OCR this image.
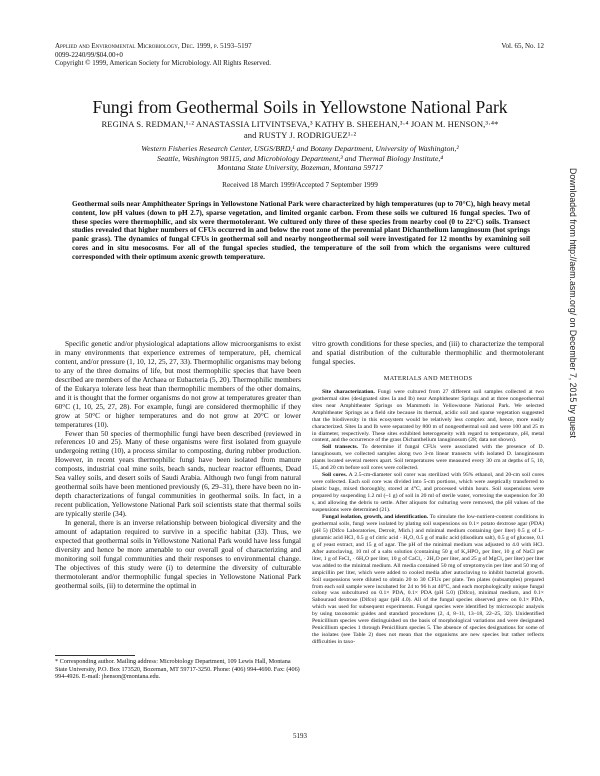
Applied and Environmental Microbiology, Dec. 1999, p. 5193–5197
0099-2240/99/$04.00+0
Copyright © 1999, American Society for Microbiology. All Rights Reserved.
Vol. 65, No. 12
Fungi from Geothermal Soils in Yellowstone National Park
REGINA S. REDMAN,¹·² ANASTASSIA LITVINTSEVA,³ KATHY B. SHEEHAN,³·⁴ JOAN M. HENSON,³·⁴*
and RUSTY J. RODRIGUEZ¹·²
Western Fisheries Research Center, USGS/BRD,¹ and Botany Department, University of Washington,²
Seattle, Washington 98115, and Microbiology Department,³ and Thermal Biology Institute,⁴
Montana State University, Bozeman, Montana 59717
Received 18 March 1999/Accepted 7 September 1999
Geothermal soils near Amphitheater Springs in Yellowstone National Park were characterized by high temperatures (up to 70°C), high heavy metal content, low pH values (down to pH 2.7), sparse vegetation, and limited organic carbon. From these soils we cultured 16 fungal species. Two of these species were thermophilic, and six were thermotolerant. We cultured only three of these species from nearby cool (0 to 22°C) soils. Transect studies revealed that higher numbers of CFUs occurred in and below the root zone of the perennial plant Dichanthelium lanuginosum (hot springs panic grass). The dynamics of fungal CFUs in geothermal soil and nearby nongeothermal soil were investigated for 12 months by examining soil cores and in situ mesocosms. For all of the fungal species studied, the temperature of the soil from which the organisms were cultured corresponded with their optimum axenic growth temperature.

Specific genetic and/or physiological adaptations allow microorganisms to exist in many environments that experience extremes of temperature, pH, chemical content, and/or pressure (1, 10, 12, 25, 27, 33). Thermophilic organisms may belong to any of the three domains of life, but most thermophilic species that have been described are members of the Archaea or Eubacteria (5, 20). Thermophilic members of the Eukarya tolerate less heat than thermophilic members of the other domains, and it is thought that the former organisms do not grow at temperatures greater than 60°C (1, 10, 25, 27, 28). For example, fungi are considered thermophilic if they grow at 50°C or higher temperatures and do not grow at 20°C or lower temperatures (10).

Fewer than 50 species of thermophilic fungi have been described (reviewed in references 10 and 25). Many of these organisms were first isolated from guayule undergoing retting (10), a process similar to composting, during rubber production. However, in recent years thermophilic fungi have been isolated from manure composts, industrial coal mine soils, beach sands, nuclear reactor effluents, Dead Sea valley soils, and desert soils of Saudi Arabia. Although two fungi from natural geothermal soils have been mentioned previously (6, 29–31), there have been no in-depth characterizations of fungal communities in geothermal soils. In fact, in a recent publication, Yellowstone National Park soil scientists state that thermal soils are typically sterile (34).

In general, there is an inverse relationship between biological diversity and the amount of adaptation required to survive in a specific habitat (33). Thus, we expected that geothermal soils in Yellowstone National Park would have less fungal diversity and hence be more amenable to our overall goal of characterizing and monitoring soil fungal communities and their responses to environmental change. The objectives of this study were (i) to determine the diversity of culturable thermotolerant and/or thermophilic fungal species in Yellowstone National Park geothermal soils, (ii) to determine the optimal in

vitro growth conditions for these species, and (iii) to characterize the temporal and spatial distribution of the culturable thermophilic and thermotolerant fungal species.

MATERIALS AND METHODS

Site characterization. Fungi were cultured from 27 different soil samples collected at two geothermal sites (designated sites Ia and Ib) near Amphitheater Springs and at three nongeothermal sites near Amphitheater Springs on Mammoth in Yellowstone National Park. We selected Amphitheater Springs as a field site because its thermal, acidic soil and sparse vegetation suggested that the biodiversity in this ecosystem would be relatively less complex and, hence, more easily characterized. Sites Ia and Ib were separated by 800 m of nongeothermal soil and were 100 and 25 m in diameter, respectively. These sites exhibited heterogeneity with regard to temperature, pH, metal content, and the occurrence of the grass Dichanthelium lanuginosum (28; data not shown).

Soil transects. To determine if fungal CFUs were associated with the presence of D. lanuginosum, we collected samples along two 3-m linear transects with isolated D. lanuginosum plants located several meters apart. Soil temperatures were measured every 30 cm at depths of 5, 10, 15, and 20 cm before soil cores were collected.

Soil cores. A 2.5-cm-diameter soil corer was sterilized with 95% ethanol, and 20-cm soil cores were collected. Each soil core was divided into 5-cm portions, which were aseptically transferred to plastic bags, mixed thoroughly, stored at 4°C, and processed within hours. Soil suspensions were prepared by suspending 1.2 ml (~1 g) of soil in 20 ml of sterile water, vortexing the suspension for 30 s, and allowing the debris to settle. After aliquots for culturing were removed, the pH values of the suspensions were determined (21).

Fungal isolation, growth, and identification. To simulate the low-nutrient-content conditions in geothermal soils, fungi were isolated by plating soil suspensions on 0.1× potato dextrose agar (PDA) (pH 5) (Difco Laboratories, Detroit, Mich.) and minimal medium containing (per liter) 0.5 g of L-glutamic acid HCl, 0.5 g of citric acid · H₂O, 0.5 g of malic acid (disodium salt), 0.5 g of glucose, 0.1 g of yeast extract, and 15 g of agar. The pH of the minimal medium was adjusted to 4.0 with HCl. After autoclaving, 10 ml of a salts solution (containing 50 g of K₂HPO₄ per liter, 10 g of NaCl per liter, 1 g of FeCl₃ · 6H₂O per liter, 10 g of CaCl₂ · 2H₂O per liter, and 25 g of MgCl₂ per liter) per liter was added to the minimal medium. All media contained 50 mg of streptomycin per liter and 50 mg of ampicillin per liter, which were added to cooled media after autoclaving to inhibit bacterial growth. Soil suspensions were diluted to obtain 20 to 30 CFUs per plate. Ten plates (subsamples) prepared from each soil sample were incubated for 24 to 96 h at 40°C, and each morphologically unique fungal colony was subcultured on 0.1× PDA, 0.1× PDA (pH 5.0) (Difco), minimal medium, and 0.1× Sabouraud dextrose (Difco) agar (pH 4.0). All of the fungal species observed grew on 0.1× PDA, which was used for subsequent experiments. Fungal species were identified by microscopic analysis by using taxonomic guides and standard procedures (2, 4, 8–11, 13–18, 22–25, 32). Unidentified Penicillium species were distinguished on the basis of morphological variations and were designated Penicillium species 1 through Penicillium species 5. The absence of species designations for some of the isolates (see Table 2) does not mean that the organisms are new species but rather reflects difficulties in taxo-

* Corresponding author. Mailing address: Microbiology Department, 109 Lewis Hall, Montana State University, P.O. Box 173520, Bozeman, MT 59717-3250. Phone: (406) 994-4690. Fax: (406) 994-4926. E-mail: jhenson@montana.edu.
Downloaded from http://aem.asm.org/ on December 7, 2015 by guest
5193
